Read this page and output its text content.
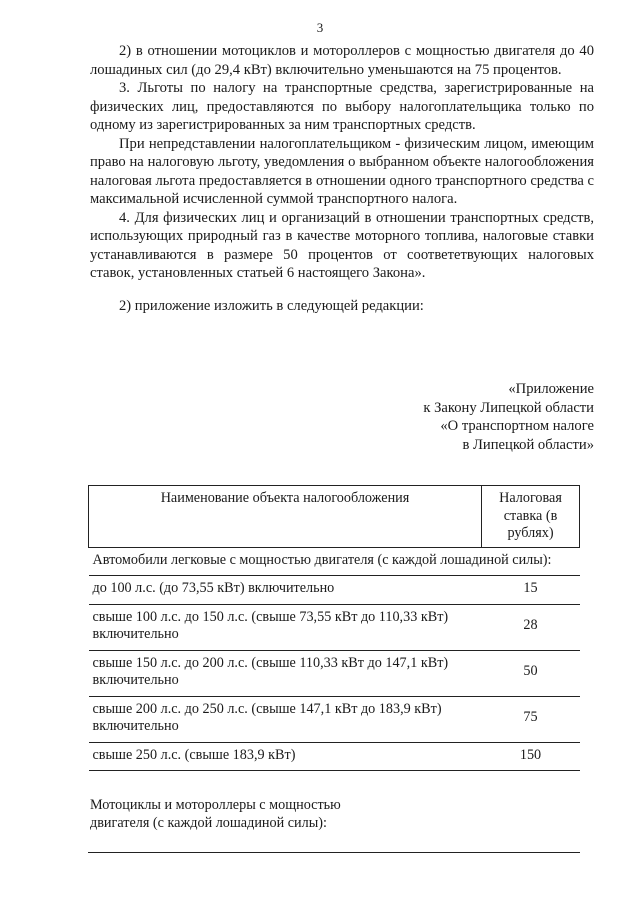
3

2) в отношении мотоциклов и мотороллеров с мощностью двигателя до 40 лошадиных сил (до 29,4 кВт) включительно уменьшаются на 75 процентов.

3. Льготы по налогу на транспортные средства, зарегистрированные на физических лиц, предоставляются по выбору налогоплательщика только по одному из зарегистрированных за ним транспортных средств.

При непредставлении налогоплательщиком - физическим лицом, имеющим право на налоговую льготу, уведомления о выбранном объекте налогообложения налоговая льгота предоставляется в отношении одного транспортного средства с максимальной исчисленной суммой транспортного налога.

4. Для физических лиц и организаций в отношении транспортных средств, использующих природный газ в качестве моторного топлива, налоговые ставки устанавливаются в размере 50 процентов от соответетвующих налоговых ставок, установленных статьей 6 настоящего Закона».

2) приложение изложить в следующей редакции:

«Приложение
к Закону Липецкой области
«О транспортном налоге
в Липецкой области»
Наименование объекта налогообложения	Налоговая ставка (в рублях)
Автомобили легковые с мощностью двигателя (с каждой лошадиной силы):	
до 100 л.с. (до 73,55 кВт) включительно	15
свыше 100 л.с. до 150 л.с. (свыше 73,55 кВт до 110,33 кВт) включительно	28
свыше 150 л.с. до 200 л.с. (свыше 110,33 кВт до 147,1 кВт) включительно	50
свыше 200 л.с. до 250 л.с. (свыше 147,1 кВт до 183,9 кВт) включительно	75
свыше 250 л.с. (свыше 183,9 кВт)	150
Мотоциклы и мотороллеры с мощностью двигателя (с каждой лошадиной силы):
